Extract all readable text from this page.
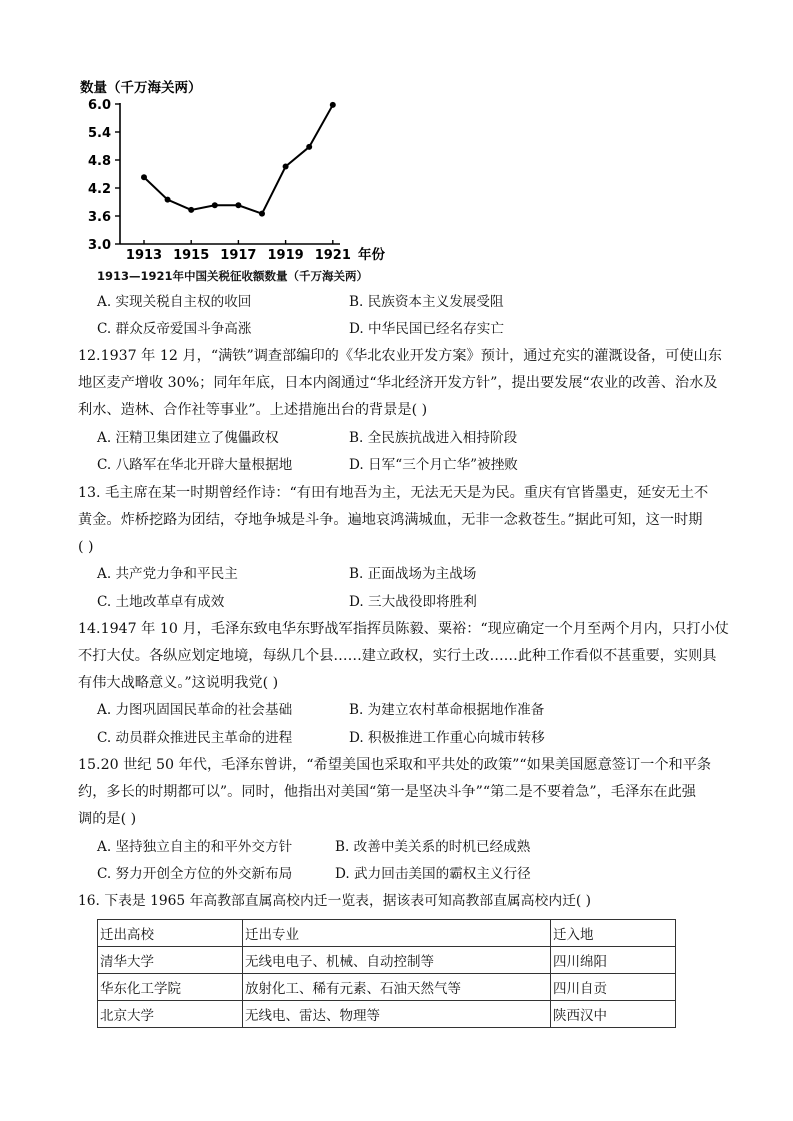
数量（千万海关两）
6.0
5.4
4.8
4.2
3.6
3.0
1913 1915 1917 1919 1921 年份
1913—1921年中国关税征收额数量（千万海关两）
A. 实现关税自主权的收回	B. 民族资本主义发展受阻
C. 群众反帝爱国斗争高涨	D. 中华民国已经名存实亡
12.1937 年 12 月，“满铁”调查部编印的《华北农业开发方案》预计，通过充实的灌溉设备，可使山东
地区麦产增收 30%；同年年底，日本内阁通过“华北经济开发方针”，提出要发展“农业的改善、治水及
利水、造林、合作社等事业”。上述措施出台的背景是( )
A. 汪精卫集团建立了傀儡政权	B. 全民族抗战进入相持阶段
C. 八路军在华北开辟大量根据地	D. 日军“三个月亡华”被挫败
13. 毛主席在某一时期曾经作诗：“有田有地吾为主，无法无天是为民。重庆有官皆墨吏，延安无土不
黄金。炸桥挖路为团结，夺地争城是斗争。遍地哀鸿满城血，无非一念救苍生。”据此可知，这一时期
( )
A. 共产党力争和平民主	B. 正面战场为主战场
C. 土地改革卓有成效	D. 三大战役即将胜利
14.1947 年 10 月，毛泽东致电华东野战军指挥员陈毅、粟裕：“现应确定一个月至两个月内，只打小仗
不打大仗。各纵应划定地境，每纵几个县……建立政权，实行土改……此种工作看似不甚重要，实则具
有伟大战略意义。”这说明我党( )
A. 力图巩固国民革命的社会基础	B. 为建立农村革命根据地作准备
C. 动员群众推进民主革命的进程	D. 积极推进工作重心向城市转移
15.20 世纪 50 年代，毛泽东曾讲，“希望美国也采取和平共处的政策”“如果美国愿意签订一个和平条
约，多长的时期都可以”。同时，他指出对美国“第一是坚决斗争”“第二是不要着急”，毛泽东在此强
调的是( )
A. 坚持独立自主的和平外交方针	B. 改善中美关系的时机已经成熟
C. 努力开创全方位的外交新布局	D. 武力回击美国的霸权主义行径
16. 下表是 1965 年高教部直属高校内迁一览表，据该表可知高教部直属高校内迁( )
迁出高校	迁出专业	迁入地
清华大学	无线电电子、机械、自动控制等	四川绵阳
华东化工学院	放射化工、稀有元素、石油天然气等	四川自贡
北京大学	无线电、雷达、物理等	陕西汉中
